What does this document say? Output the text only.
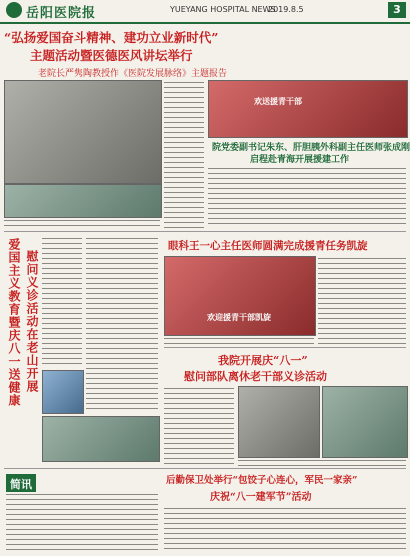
岳阳医院报	YUEYANG HOSPITAL NEWS
2019.8.5	3
“弘扬爱国奋斗精神、建功立业新时代”
主题活动暨医德医风讲坛举行
老院长严隽陶教授作《医院发展脉络》主题报告
欢送援青干部
院党委副书记朱东、肝胆胰外科副主任医师张成刚
启程赴青海开展援建工作
爱国主义教育暨庆八一送健康 慰问义诊活动在老山开展
眼科王一心主任医师圆满完成援青任务凯旋
欢迎援青干部凯旋
我院开展庆“八一”
慰问部队离休老干部义诊活动
简讯	后勤保卫处举行“包饺子心连心，军民一家亲”
庆祝“八一建军节”活动
